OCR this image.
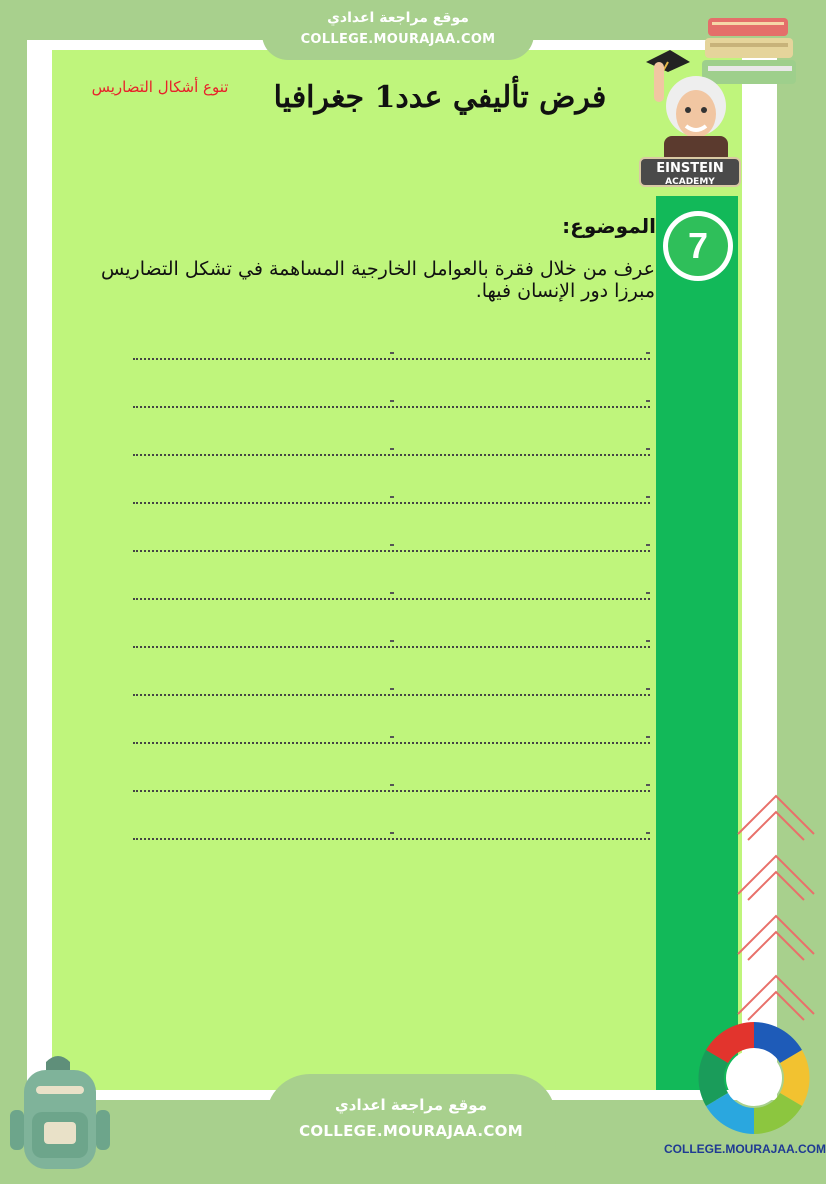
موقع مراجعة اعدادي
COLLEGE.MOURAJAA.COM
EINSTEIN
ACADEMY
تنوع أشكال التضاريس	فرض تأليفي عدد1 جغرافيا
7
الموضوع:
عرف من خلال فقرة بالعوامل الخارجية المساهمة في تشكل التضاريس مبرزا دور الإنسان فيها.
موقع مراجعة اعدادي
COLLEGE.MOURAJAA.COM
COLLEGE.MOURAJAA.COM
